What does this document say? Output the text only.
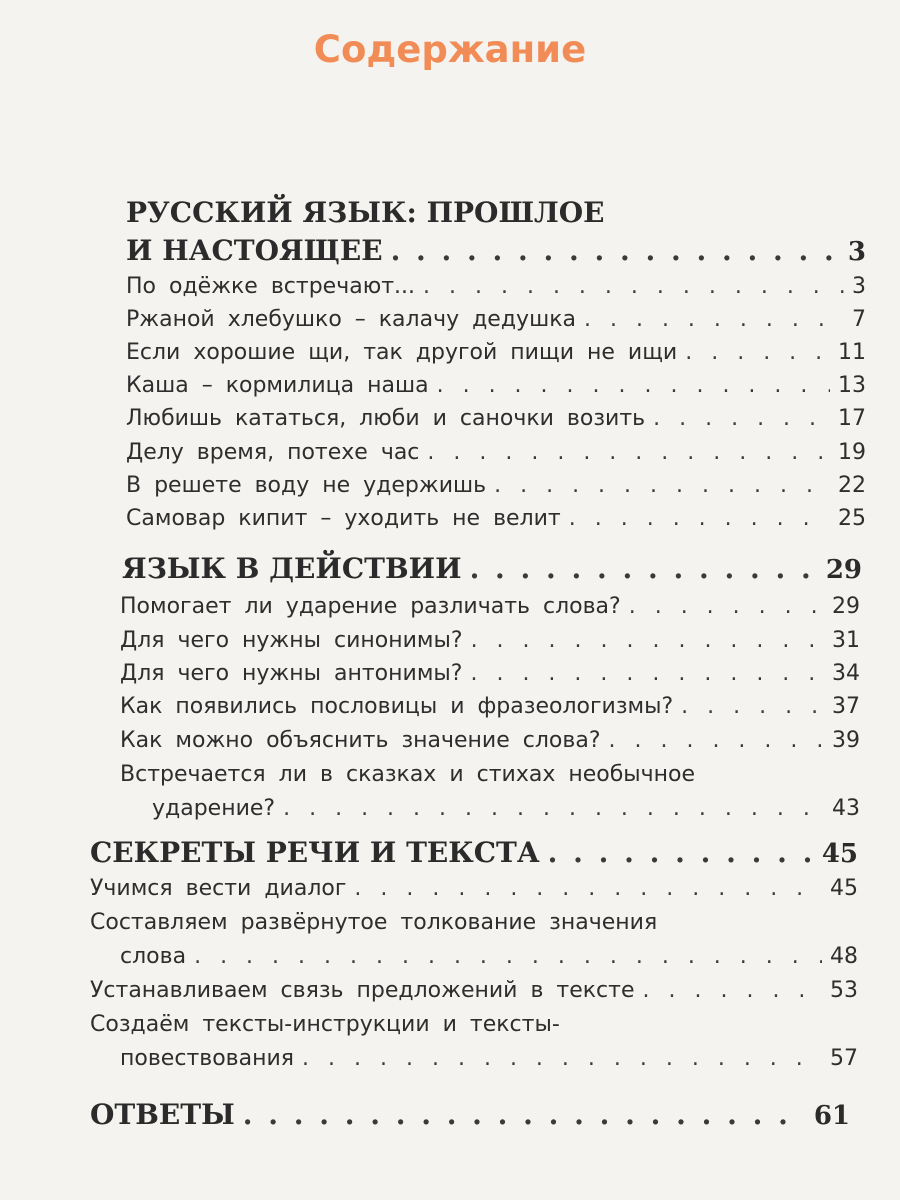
Содержание
РУССКИЙ ЯЗЫК: ПРОШЛОЕ
И НАСТОЯЩЕЕ . . .	3
По одёжке встречают... . . .	3
Ржаной хлебушко – калачу дедушка . . .	7
Если хорошие щи, так другой пищи не ищи . . .	11
Каша – кормилица наша . . .	13
Любишь кататься, люби и саночки возить . . .	17
Делу время, потехе час . . .	19
В решете воду не удержишь . . .	22
Самовар кипит – уходить не велит . . .	25
ЯЗЫК В ДЕЙСТВИИ . . .	29
Помогает ли ударение различать слова? . . .	29
Для чего нужны синонимы? . . .	31
Для чего нужны антонимы? . . .	34
Как появились пословицы и фразеологизмы? . . .	37
Как можно объяснить значение слова? . . .	39
Встречается ли в сказках и стихах необычное
ударение? . . .	43
СЕКРЕТЫ РЕЧИ И ТЕКСТА . . .	45
Учимся вести диалог . . .	45
Составляем развёрнутое толкование значения
слова . . .	48
Устанавливаем связь предложений в тексте . . .	53
Создаём тексты-инструкции и тексты-
повествования . . .	57
ОТВЕТЫ . . .	61
